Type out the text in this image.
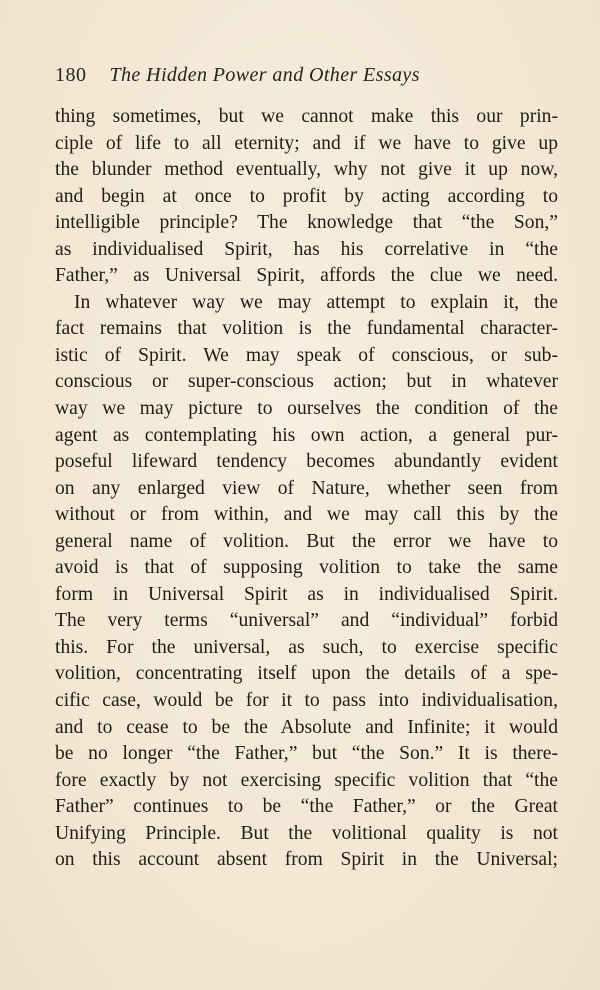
180 The Hidden Power and Other Essays
thing sometimes, but we cannot make this our prin-
ciple of life to all eternity; and if we have to give up
the blunder method eventually, why not give it up now,
and begin at once to profit by acting according to
intelligible principle? The knowledge that “the Son,”
as individualised Spirit, has his correlative in “the
Father,” as Universal Spirit, affords the clue we need.
In whatever way we may attempt to explain it, the
fact remains that volition is the fundamental character-
istic of Spirit. We may speak of conscious, or sub-
conscious or super-conscious action; but in whatever
way we may picture to ourselves the condition of the
agent as contemplating his own action, a general pur-
poseful lifeward tendency becomes abundantly evident
on any enlarged view of Nature, whether seen from
without or from within, and we may call this by the
general name of volition. But the error we have to
avoid is that of supposing volition to take the same
form in Universal Spirit as in individualised Spirit.
The very terms “universal” and “individual” forbid
this. For the universal, as such, to exercise specific
volition, concentrating itself upon the details of a spe-
cific case, would be for it to pass into individualisation,
and to cease to be the Absolute and Infinite; it would
be no longer “the Father,” but “the Son.” It is there-
fore exactly by not exercising specific volition that “the
Father” continues to be “the Father,” or the Great
Unifying Principle. But the volitional quality is not
on this account absent from Spirit in the Universal;
